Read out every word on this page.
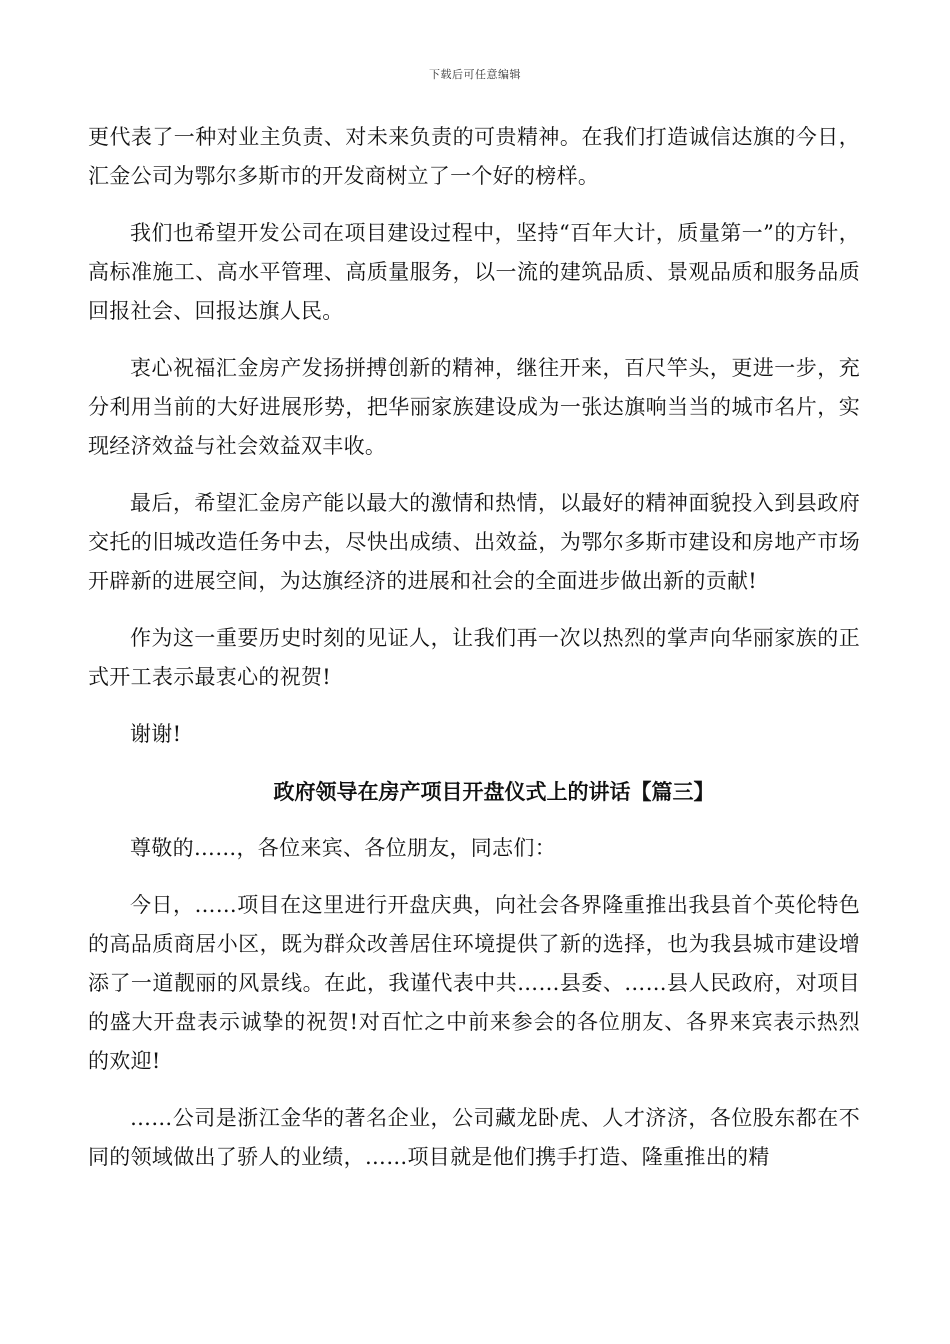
下载后可任意编辑

更代表了一种对业主负责、对未来负责的可贵精神。在我们打造诚信达旗的今日，汇金公司为鄂尔多斯市的开发商树立了一个好的榜样。

我们也希望开发公司在项目建设过程中，坚持“百年大计，质量第一”的方针，高标准施工、高水平管理、高质量服务，以一流的建筑品质、景观品质和服务品质回报社会、回报达旗人民。

衷心祝福汇金房产发扬拼搏创新的精神，继往开来，百尺竿头，更进一步，充分利用当前的大好进展形势，把华丽家族建设成为一张达旗响当当的城市名片，实现经济效益与社会效益双丰收。

最后，希望汇金房产能以最大的激情和热情，以最好的精神面貌投入到县政府交托的旧城改造任务中去，尽快出成绩、出效益，为鄂尔多斯市建设和房地产市场开辟新的进展空间，为达旗经济的进展和社会的全面进步做出新的贡献!

作为这一重要历史时刻的见证人，让我们再一次以热烈的掌声向华丽家族的正式开工表示最衷心的祝贺!

谢谢!

政府领导在房产项目开盘仪式上的讲话【篇三】

尊敬的……，各位来宾、各位朋友，同志们：

今日，……项目在这里进行开盘庆典，向社会各界隆重推出我县首个英伦特色的高品质商居小区，既为群众改善居住环境提供了新的选择，也为我县城市建设增添了一道靓丽的风景线。在此，我谨代表中共……县委、……县人民政府，对项目的盛大开盘表示诚挚的祝贺!对百忙之中前来参会的各位朋友、各界来宾表示热烈的欢迎!

……公司是浙江金华的著名企业，公司藏龙卧虎、人才济济，各位股东都在不同的领域做出了骄人的业绩，……项目就是他们携手打造、隆重推出的精
